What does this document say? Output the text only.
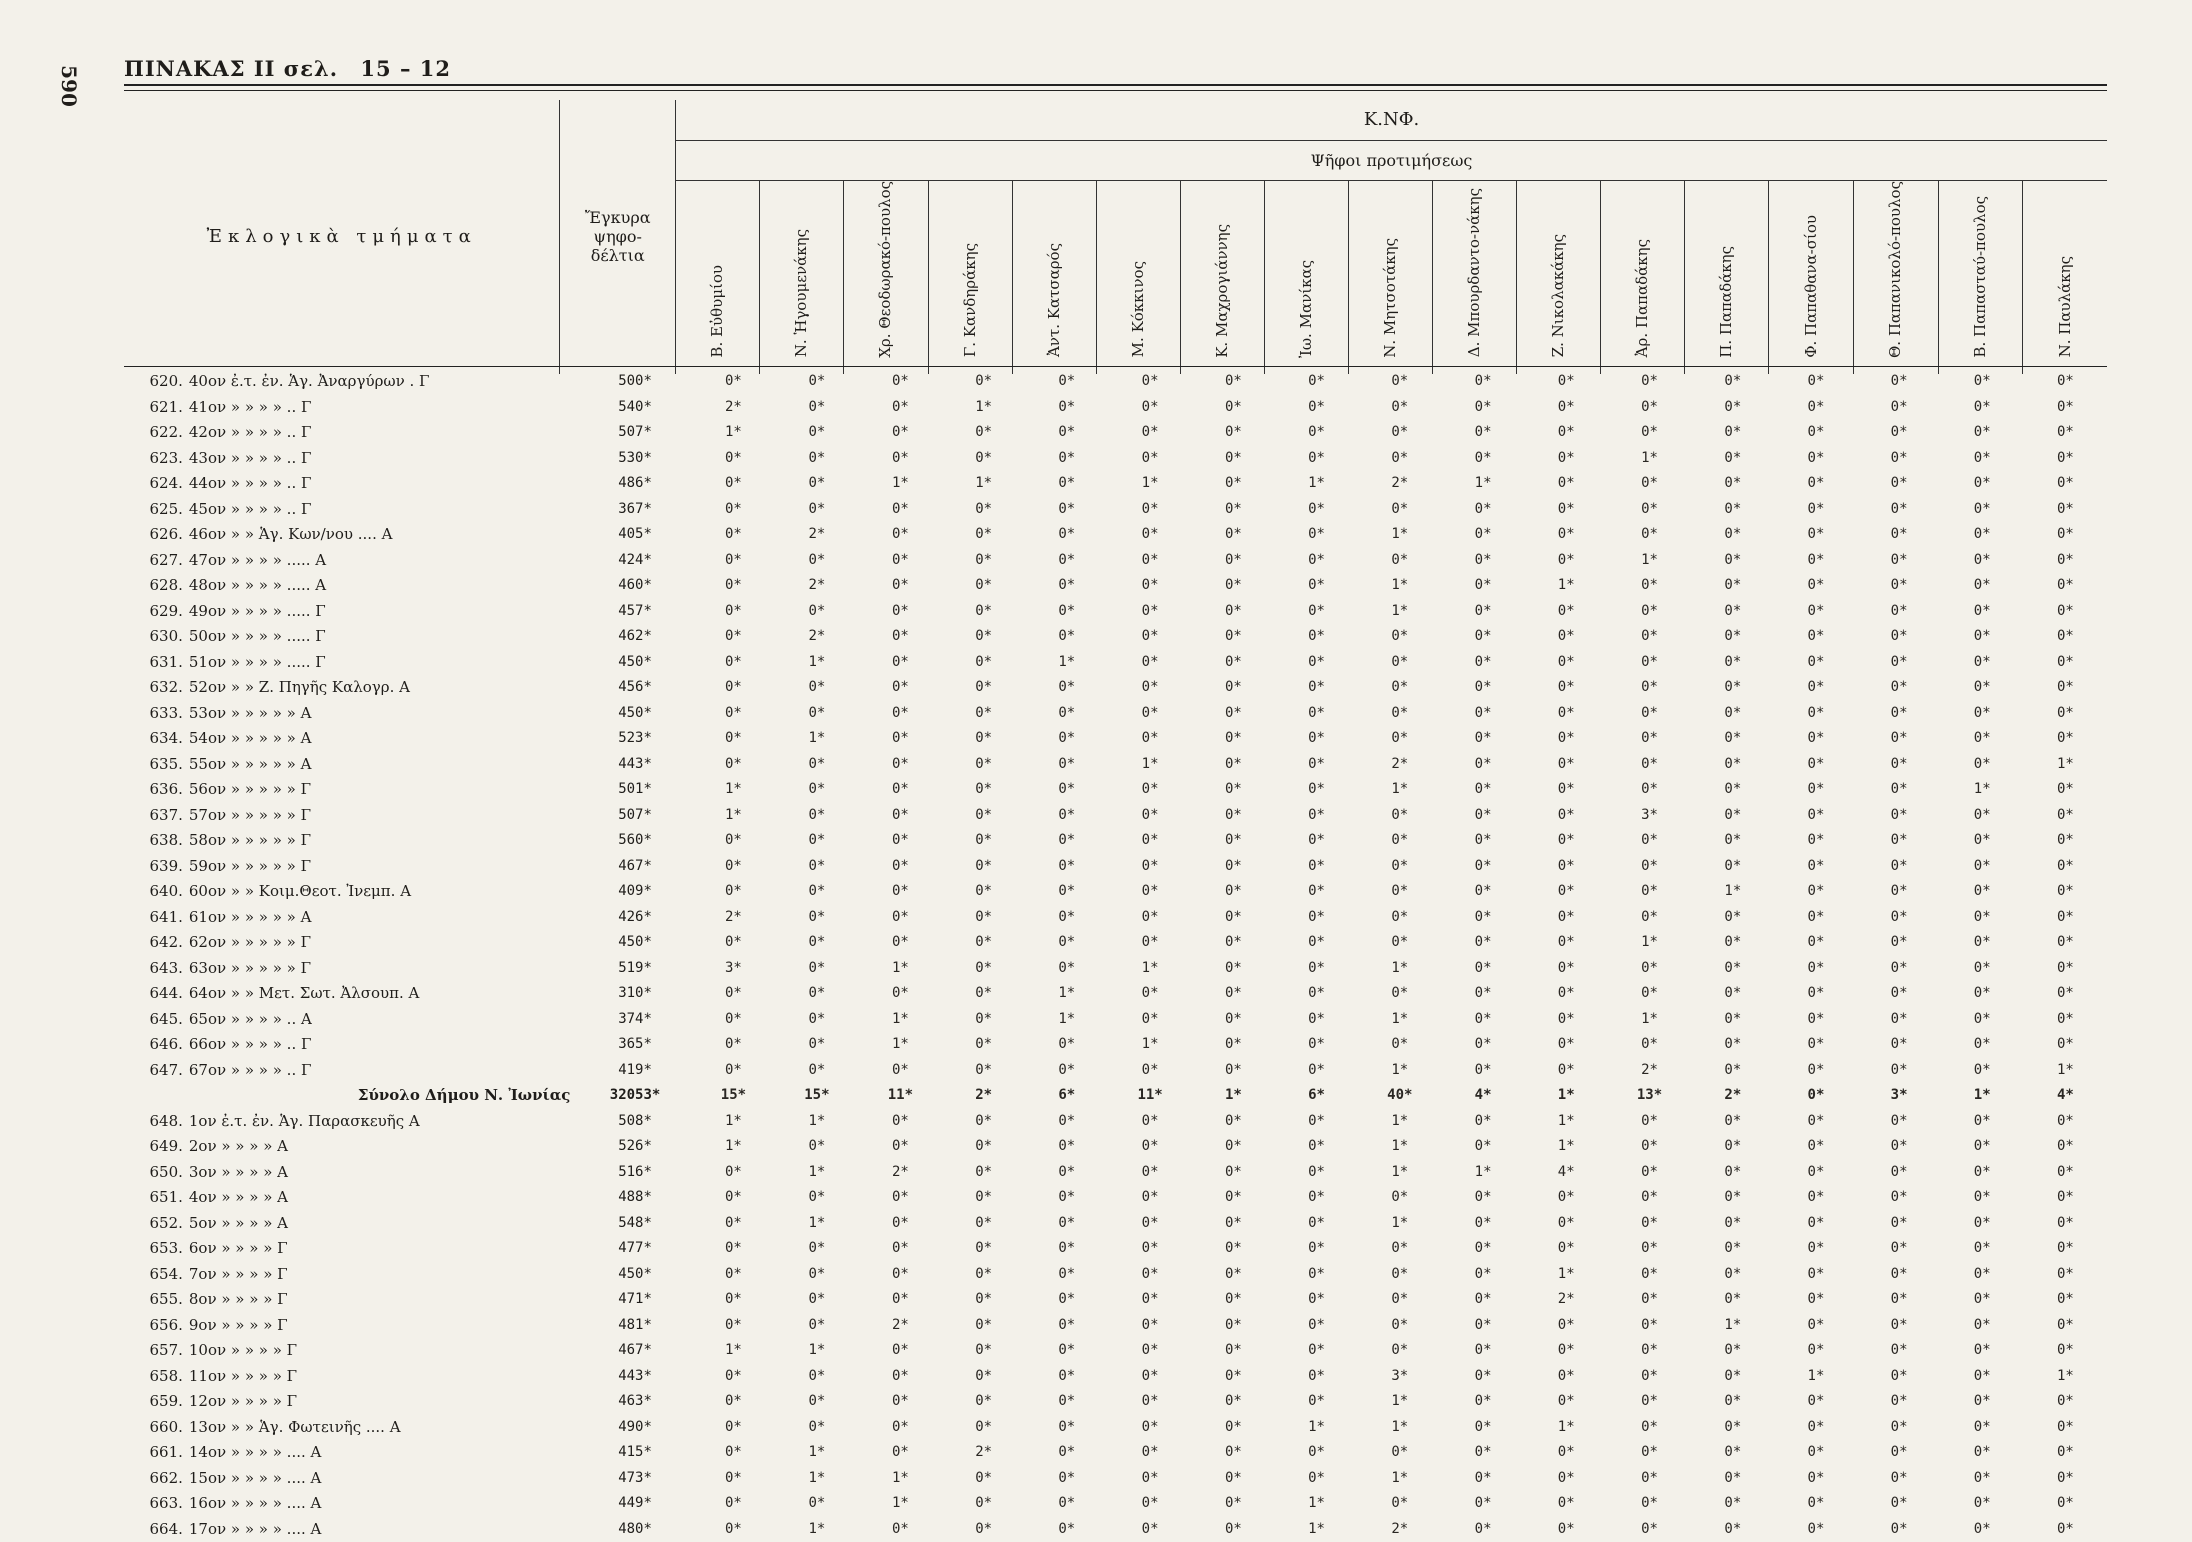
590 ΠΙΝΑΚΑΣ ΙΙ σελ. 15 – 12
Ἐκλογικὰ τμήματα	Ἔγκυρα ψηφο-δέλτια	Κ.ΝΦ.																
		Ψῆφοι προτιμήσεως																
		Β. Εὐθυμίου	Ν. Ἡγουμενάκης	Χρ. Θεοδωρακό-πουλος	Γ. Κανδηράκης	Ἀντ. Κατσαρός	Μ. Κόκκινος	Κ. Μαχρογιάννης	Ἰω. Μανίκας	Ν. Μητσοτάκης	Δ. Μπουρδαντο-νάκης	Ζ. Νικολακάκης	Ἀρ. Παπαδάκης	Π. Παπαδάκης	Φ. Παπαθανα-σίου	Θ. Παπανικολό-πουλος	Β. Παπασταύ-πουλος	Ν. Παυλάκης
620.	40ον ἐ.τ. ἐν. Ἁγ. Ἀναργύρων . Γ	500*	0*	0*	0*	0*	0*	0*	0*	0*	0*	0*	0*	0*	0*	0*	0*	0*	0*
621.	41ον » » » » .. Γ	540*	2*	0*	0*	1*	0*	0*	0*	0*	0*	0*	0*	0*	0*	0*	0*	0*	0*
622.	42ον » » » » .. Γ	507*	1*	0*	0*	0*	0*	0*	0*	0*	0*	0*	0*	0*	0*	0*	0*	0*	0*
623.	43ον » » » » .. Γ	530*	0*	0*	0*	0*	0*	0*	0*	0*	0*	0*	0*	1*	0*	0*	0*	0*	0*
624.	44ον » » » » .. Γ	486*	0*	0*	1*	1*	0*	1*	0*	1*	2*	1*	0*	0*	0*	0*	0*	0*	0*
625.	45ον » » » » .. Γ	367*	0*	0*	0*	0*	0*	0*	0*	0*	0*	0*	0*	0*	0*	0*	0*	0*	0*
626.	46ον » » Ἁγ. Κων/νου .... Α	405*	0*	2*	0*	0*	0*	0*	0*	0*	1*	0*	0*	0*	0*	0*	0*	0*	0*
627.	47ον » » » » ..... Α	424*	0*	0*	0*	0*	0*	0*	0*	0*	0*	0*	0*	1*	0*	0*	0*	0*	0*
628.	48ον » » » » ..... Α	460*	0*	2*	0*	0*	0*	0*	0*	0*	1*	0*	1*	0*	0*	0*	0*	0*	0*
629.	49ον » » » » ..... Γ	457*	0*	0*	0*	0*	0*	0*	0*	0*	1*	0*	0*	0*	0*	0*	0*	0*	0*
630.	50ον » » » » ..... Γ	462*	0*	2*	0*	0*	0*	0*	0*	0*	0*	0*	0*	0*	0*	0*	0*	0*	0*
631.	51ον » » » » ..... Γ	450*	0*	1*	0*	0*	1*	0*	0*	0*	0*	0*	0*	0*	0*	0*	0*	0*	0*
632.	52ον » » Ζ. Πηγῆς Καλογρ. Α	456*	0*	0*	0*	0*	0*	0*	0*	0*	0*	0*	0*	0*	0*	0*	0*	0*	0*
633.	53ον » » » » » Α	450*	0*	0*	0*	0*	0*	0*	0*	0*	0*	0*	0*	0*	0*	0*	0*	0*	0*
634.	54ον » » » » » Α	523*	0*	1*	0*	0*	0*	0*	0*	0*	0*	0*	0*	0*	0*	0*	0*	0*	0*
635.	55ον » » » » » Α	443*	0*	0*	0*	0*	0*	1*	0*	0*	2*	0*	0*	0*	0*	0*	0*	0*	1*
636.	56ον » » » » » Γ	501*	1*	0*	0*	0*	0*	0*	0*	0*	1*	0*	0*	0*	0*	0*	0*	1*	0*
637.	57ον » » » » » Γ	507*	1*	0*	0*	0*	0*	0*	0*	0*	0*	0*	0*	3*	0*	0*	0*	0*	0*
638.	58ον » » » » » Γ	560*	0*	0*	0*	0*	0*	0*	0*	0*	0*	0*	0*	0*	0*	0*	0*	0*	0*
639.	59ον » » » » » Γ	467*	0*	0*	0*	0*	0*	0*	0*	0*	0*	0*	0*	0*	0*	0*	0*	0*	0*
640.	60ον » » Κοιμ.Θεοτ. Ἰνεμπ. Α	409*	0*	0*	0*	0*	0*	0*	0*	0*	0*	0*	0*	0*	1*	0*	0*	0*	0*
641.	61ον » » » » » Α	426*	2*	0*	0*	0*	0*	0*	0*	0*	0*	0*	0*	0*	0*	0*	0*	0*	0*
642.	62ον » » » » » Γ	450*	0*	0*	0*	0*	0*	0*	0*	0*	0*	0*	0*	1*	0*	0*	0*	0*	0*
643.	63ον » » » » » Γ	519*	3*	0*	1*	0*	0*	1*	0*	0*	1*	0*	0*	0*	0*	0*	0*	0*	0*
644.	64ον » » Μετ. Σωτ. Ἀλσουπ. Α	310*	0*	0*	0*	0*	1*	0*	0*	0*	0*	0*	0*	0*	0*	0*	0*	0*	0*
645.	65ον » » » » .. Α	374*	0*	0*	1*	0*	1*	0*	0*	0*	1*	0*	0*	1*	0*	0*	0*	0*	0*
646.	66ον » » » » .. Γ	365*	0*	0*	1*	0*	0*	1*	0*	0*	0*	0*	0*	0*	0*	0*	0*	0*	0*
647.	67ον » » » » .. Γ	419*	0*	0*	0*	0*	0*	0*	0*	0*	1*	0*	0*	2*	0*	0*	0*	0*	1*
	Σύνολο Δήμου Ν. Ἰωνίας	32053*	15*	15*	11*	2*	6*	11*	1*	6*	40*	4*	1*	13*	2*	0*	3*	1*	4*
648.	1ον ἐ.τ. ἐν. Ἁγ. Παρασκευῆς Α	508*	1*	1*	0*	0*	0*	0*	0*	0*	1*	0*	1*	0*	0*	0*	0*	0*	0*
649.	2ον » » » » Α	526*	1*	0*	0*	0*	0*	0*	0*	0*	1*	0*	1*	0*	0*	0*	0*	0*	0*
650.	3ον » » » » Α	516*	0*	1*	2*	0*	0*	0*	0*	0*	1*	1*	4*	0*	0*	0*	0*	0*	0*
651.	4ον » » » » Α	488*	0*	0*	0*	0*	0*	0*	0*	0*	0*	0*	0*	0*	0*	0*	0*	0*	0*
652.	5ον » » » » Α	548*	0*	1*	0*	0*	0*	0*	0*	0*	1*	0*	0*	0*	0*	0*	0*	0*	0*
653.	6ον » » » » Γ	477*	0*	0*	0*	0*	0*	0*	0*	0*	0*	0*	0*	0*	0*	0*	0*	0*	0*
654.	7ον » » » » Γ	450*	0*	0*	0*	0*	0*	0*	0*	0*	0*	0*	1*	0*	0*	0*	0*	0*	0*
655.	8ον » » » » Γ	471*	0*	0*	0*	0*	0*	0*	0*	0*	0*	0*	2*	0*	0*	0*	0*	0*	0*
656.	9ον » » » » Γ	481*	0*	0*	2*	0*	0*	0*	0*	0*	0*	0*	0*	0*	1*	0*	0*	0*	0*
657.	10ον » » » » Γ	467*	1*	1*	0*	0*	0*	0*	0*	0*	0*	0*	0*	0*	0*	0*	0*	0*	0*
658.	11ον » » » » Γ	443*	0*	0*	0*	0*	0*	0*	0*	0*	3*	0*	0*	0*	0*	1*	0*	0*	1*
659.	12ον » » » » Γ	463*	0*	0*	0*	0*	0*	0*	0*	0*	1*	0*	0*	0*	0*	0*	0*	0*	0*
660.	13ον » » Ἁγ. Φωτεινῆς .... Α	490*	0*	0*	0*	0*	0*	0*	0*	1*	1*	0*	1*	0*	0*	0*	0*	0*	0*
661.	14ον » » » » .... Α	415*	0*	1*	0*	2*	0*	0*	0*	0*	0*	0*	0*	0*	0*	0*	0*	0*	0*
662.	15ον » » » » .... Α	473*	0*	1*	1*	0*	0*	0*	0*	0*	1*	0*	0*	0*	0*	0*	0*	0*	0*
663.	16ον » » » » .... Α	449*	0*	0*	1*	0*	0*	0*	0*	1*	0*	0*	0*	0*	0*	0*	0*	0*	0*
664.	17ον » » » » .... Α	480*	0*	1*	0*	0*	0*	0*	0*	1*	2*	0*	0*	0*	0*	0*	0*	0*	0*
